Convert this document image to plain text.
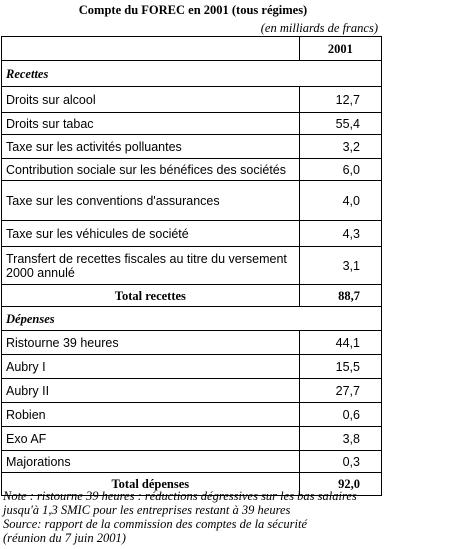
Compte du FOREC en 2001 (tous régimes)
(en milliards de francs)
	2001
Recettes	
Droits sur alcool	12,7
Droits sur tabac	55,4
Taxe sur les activités polluantes	3,2
Contribution sociale sur les bénéfices des sociétés	6,0
Taxe sur les conventions d'assurances	4,0
Taxe sur les véhicules de société	4,3
Transfert de recettes fiscales au titre du versement 2000 annulé	3,1
Total recettes	88,7
Dépenses	
Ristourne 39 heures	44,1
Aubry I	15,5
Aubry II	27,7
Robien	0,6
Exo AF	3,8
Majorations	0,3
Total dépenses	92,0
Note : ristourne 39 heures : réductions dégressives sur les bas salaires
jusqu'à 1,3 SMIC pour les entreprises restant à 39 heures
Source: rapport de la commission des comptes de la sécurité
(réunion du 7 juin 2001)
